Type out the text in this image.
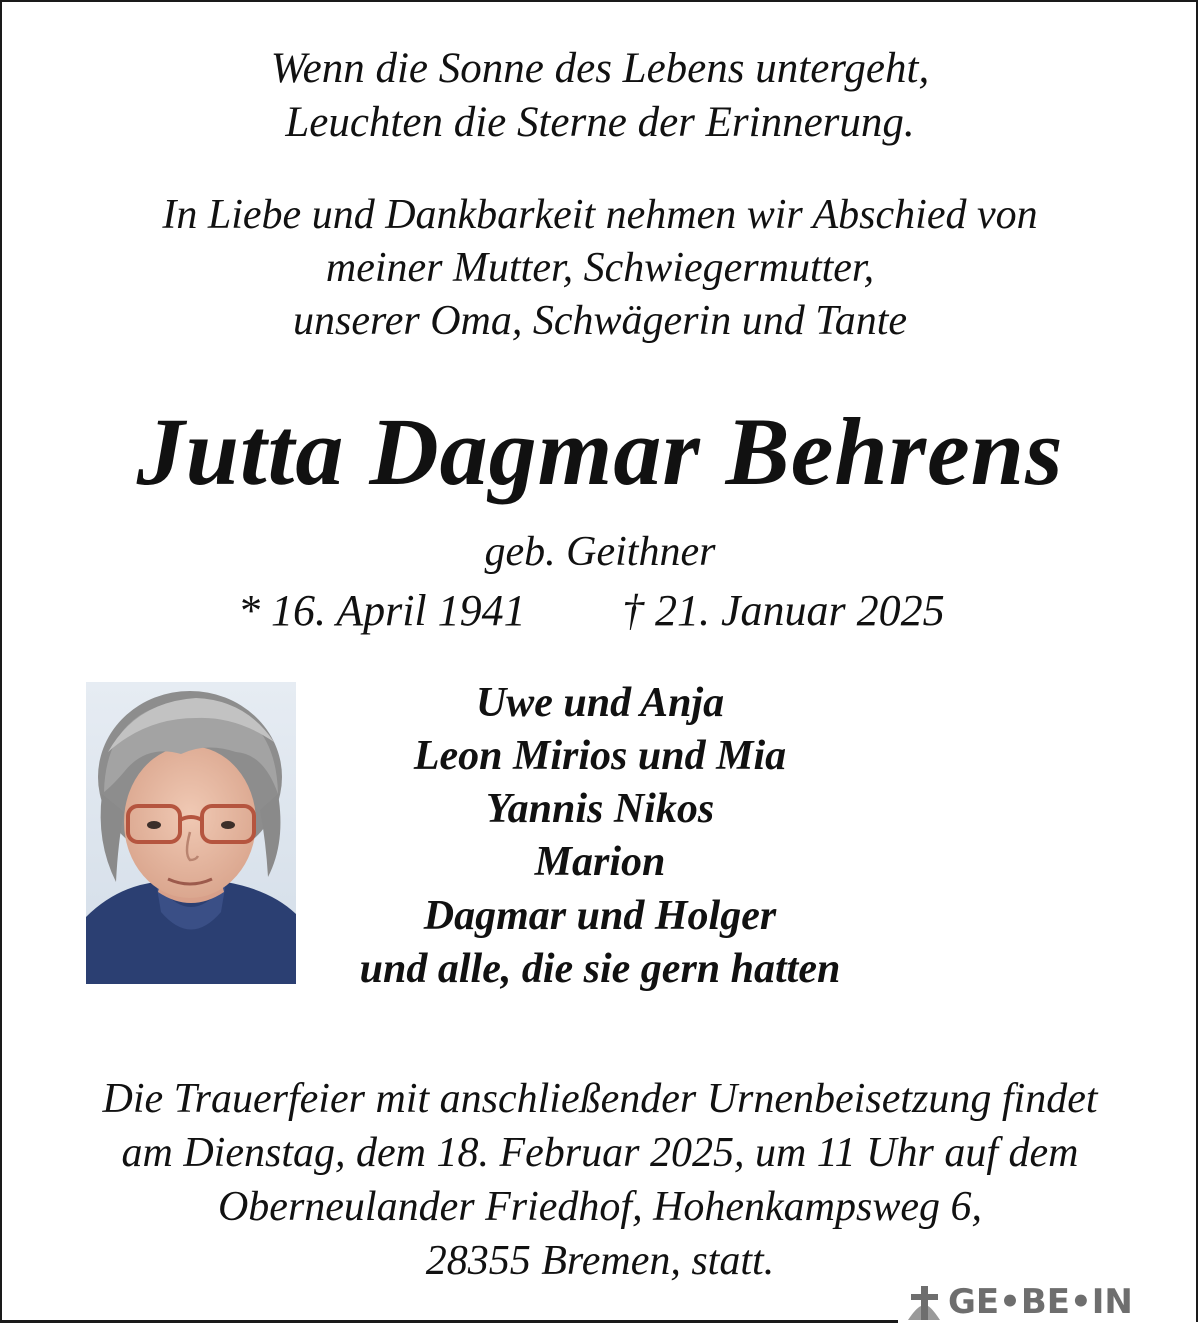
Wenn die Sonne des Lebens untergeht,
Leuchten die Sterne der Erinnerung.
In Liebe und Dankbarkeit nehmen wir Abschied von
meiner Mutter, Schwiegermutter,
unserer Oma, Schwägerin und Tante
Jutta Dagmar Behrens
geb. Geithner
* 16. April 1941 † 21. Januar 2025
Uwe und Anja
Leon Mirios und Mia
Yannis Nikos
Marion
Dagmar und Holger
und alle, die sie gern hatten
Die Trauerfeier mit anschließender Urnenbeisetzung findet
am Dienstag, dem 18. Februar 2025, um 11 Uhr auf dem
Oberneulander Friedhof, Hohenkampsweg 6,
28355 Bremen, statt.
GE•BE•IN
